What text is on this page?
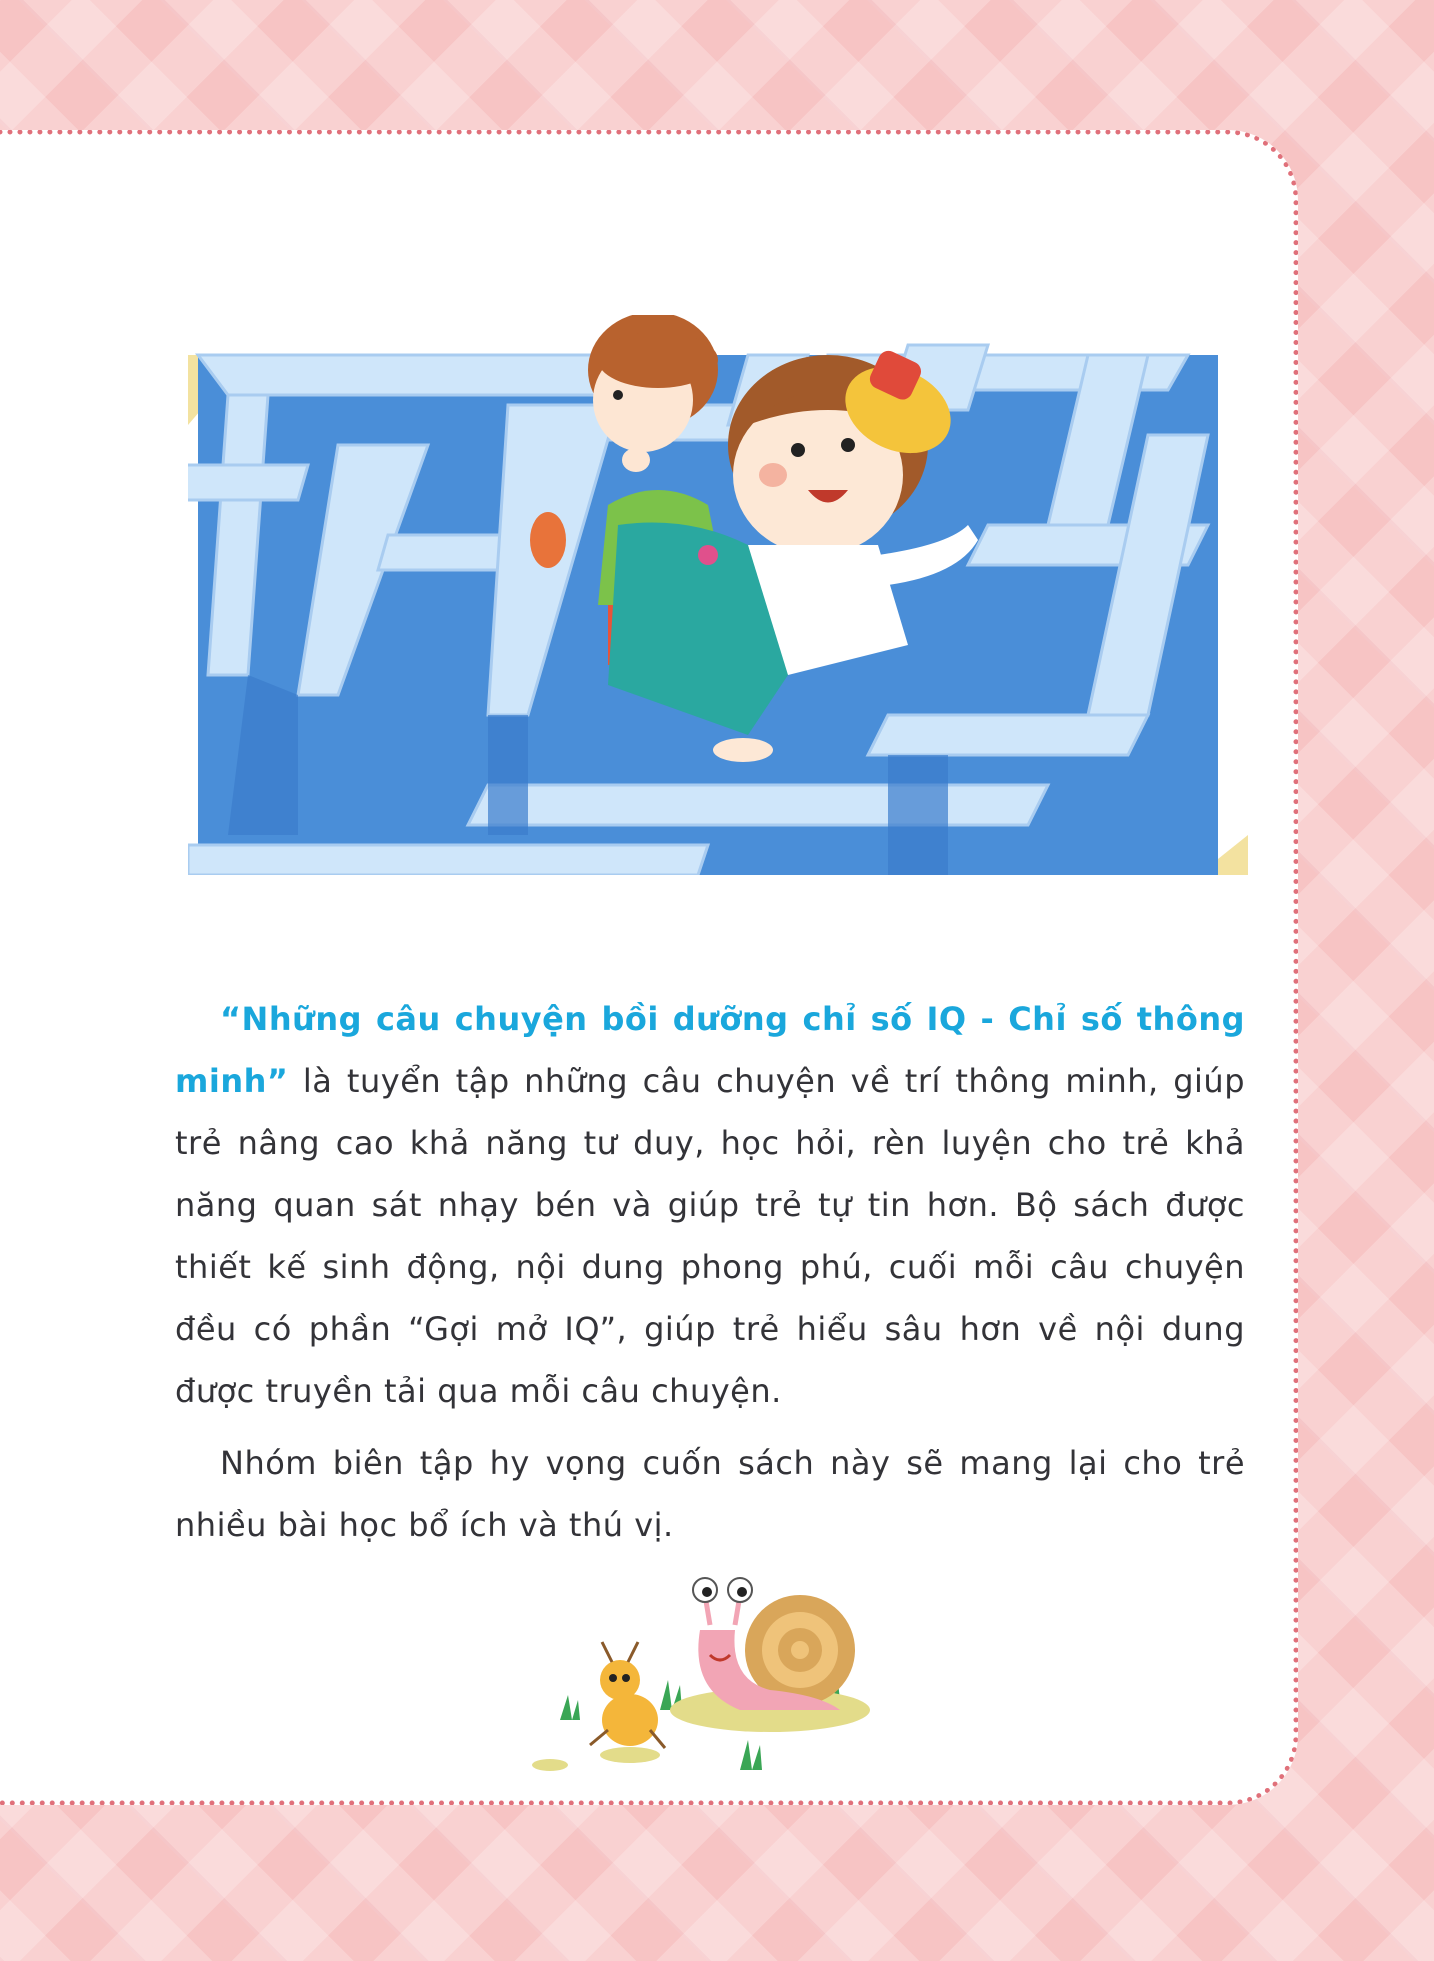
“Những câu chuyện bồi dưỡng chỉ số IQ - Chỉ số thông minh” là tuyển tập những câu chuyện về trí thông minh, giúp trẻ nâng cao khả năng tư duy, học hỏi, rèn luyện cho trẻ khả năng quan sát nhạy bén và giúp trẻ tự tin hơn. Bộ sách được thiết kế sinh động, nội dung phong phú, cuối mỗi câu chuyện đều có phần “Gợi mở IQ”, giúp trẻ hiểu sâu hơn về nội dung được truyền tải qua mỗi câu chuyện.

Nhóm biên tập hy vọng cuốn sách này sẽ mang lại cho trẻ nhiều bài học bổ ích và thú vị.
